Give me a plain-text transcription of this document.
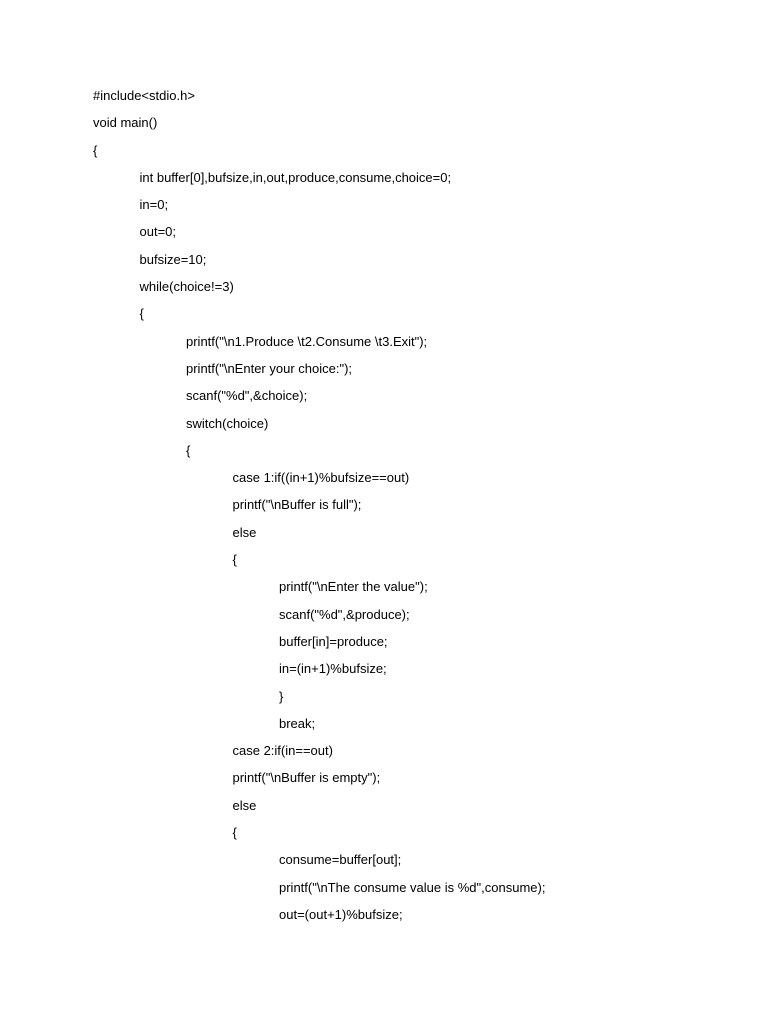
#include<stdio.h>
void main()
{
int buffer[0],bufsize,in,out,produce,consume,choice=0;
in=0;
out=0;
bufsize=10;
while(choice!=3)
{
printf("\n1.Produce \t2.Consume \t3.Exit");
printf("\nEnter your choice:");
scanf("%d",&choice);
switch(choice)
{
case 1:if((in+1)%bufsize==out)
printf("\nBuffer is full");
else
{
printf("\nEnter the value");
scanf("%d",&produce);
buffer[in]=produce;
in=(in+1)%bufsize;
}
break;
case 2:if(in==out)
printf("\nBuffer is empty");
else
{
consume=buffer[out];
printf("\nThe consume value is %d",consume);
out=(out+1)%bufsize;
